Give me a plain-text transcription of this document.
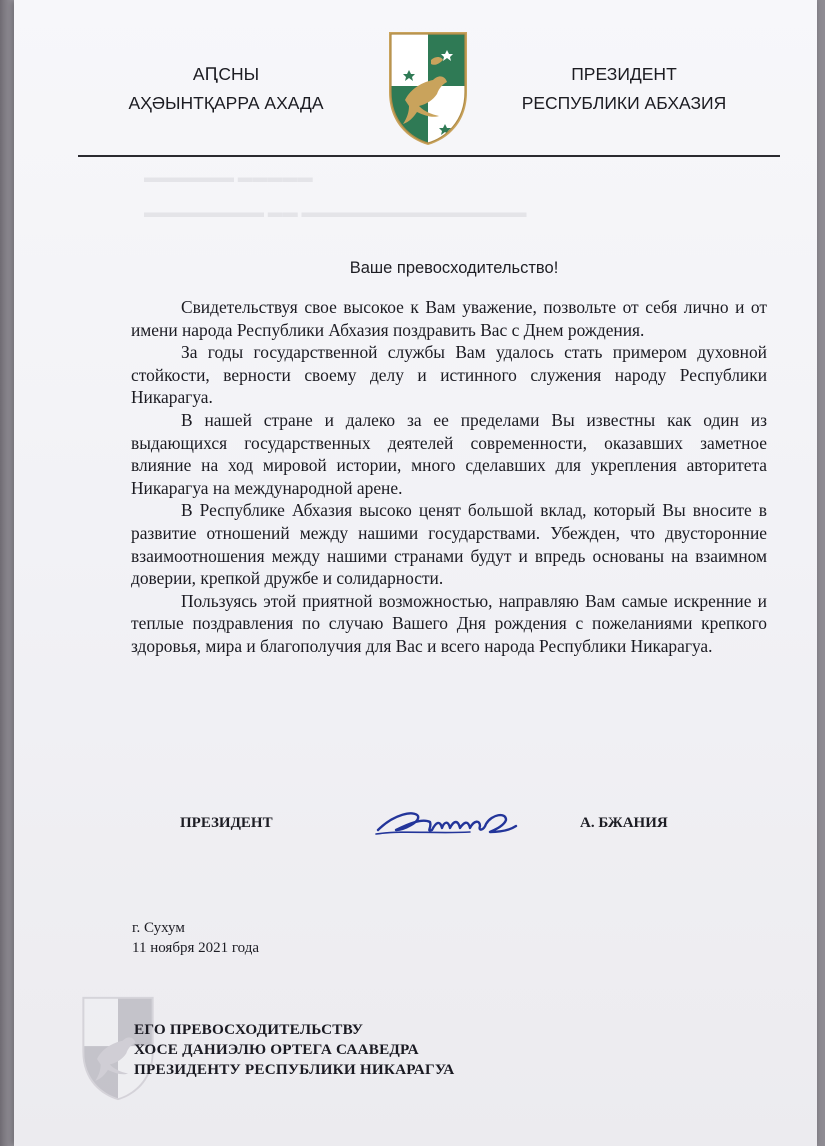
АԤСНЫ
АҲӘЫНТҚАРРА АХАДА
ПРЕЗИДЕНТ
РЕСПУБЛИКИ АБХАЗИЯ
▬▬▬▬▬▬ ▬▬▬▬▬
▬▬▬▬▬▬▬▬ ▬▬ ▬▬▬▬▬▬▬▬▬▬▬▬▬▬▬
Ваше превосходительство!

Свидетельствуя свое высокое к Вам уважение, позвольте от себя лично и от имени народа Республики Абхазия поздравить Вас с Днем рождения.

За годы государственной службы Вам удалось стать примером духовной стойкости, верности своему делу и истинного служения народу Республики Никарагуа.

В нашей стране и далеко за ее пределами Вы известны как один из выдающихся государственных деятелей современности, оказавших заметное влияние на ход мировой истории, много сделавших для укрепления авторитета Никарагуа на международной арене.

В Республике Абхазия высоко ценят большой вклад, который Вы вносите в развитие отношений между нашими государствами. Убежден, что двусторонние взаимоотношения между нашими странами будут и впредь основаны на взаимном доверии, крепкой дружбе и солидарности.

Пользуясь этой приятной возможностью, направляю Вам самые искренние и теплые поздравления по случаю Вашего Дня рождения с пожеланиями крепкого здоровья, мира и благополучия для Вас и всего народа Республики Никарагуа.

ПРЕЗИДЕНТ	А. БЖАНИЯ
г. Сухум
11 ноября 2021 года
ЕГО ПРЕВОСХОДИТЕЛЬСТВУ
ХОСЕ ДАНИЭЛЮ ОРТЕГА СААВЕДРА
ПРЕЗИДЕНТУ РЕСПУБЛИКИ НИКАРАГУА
